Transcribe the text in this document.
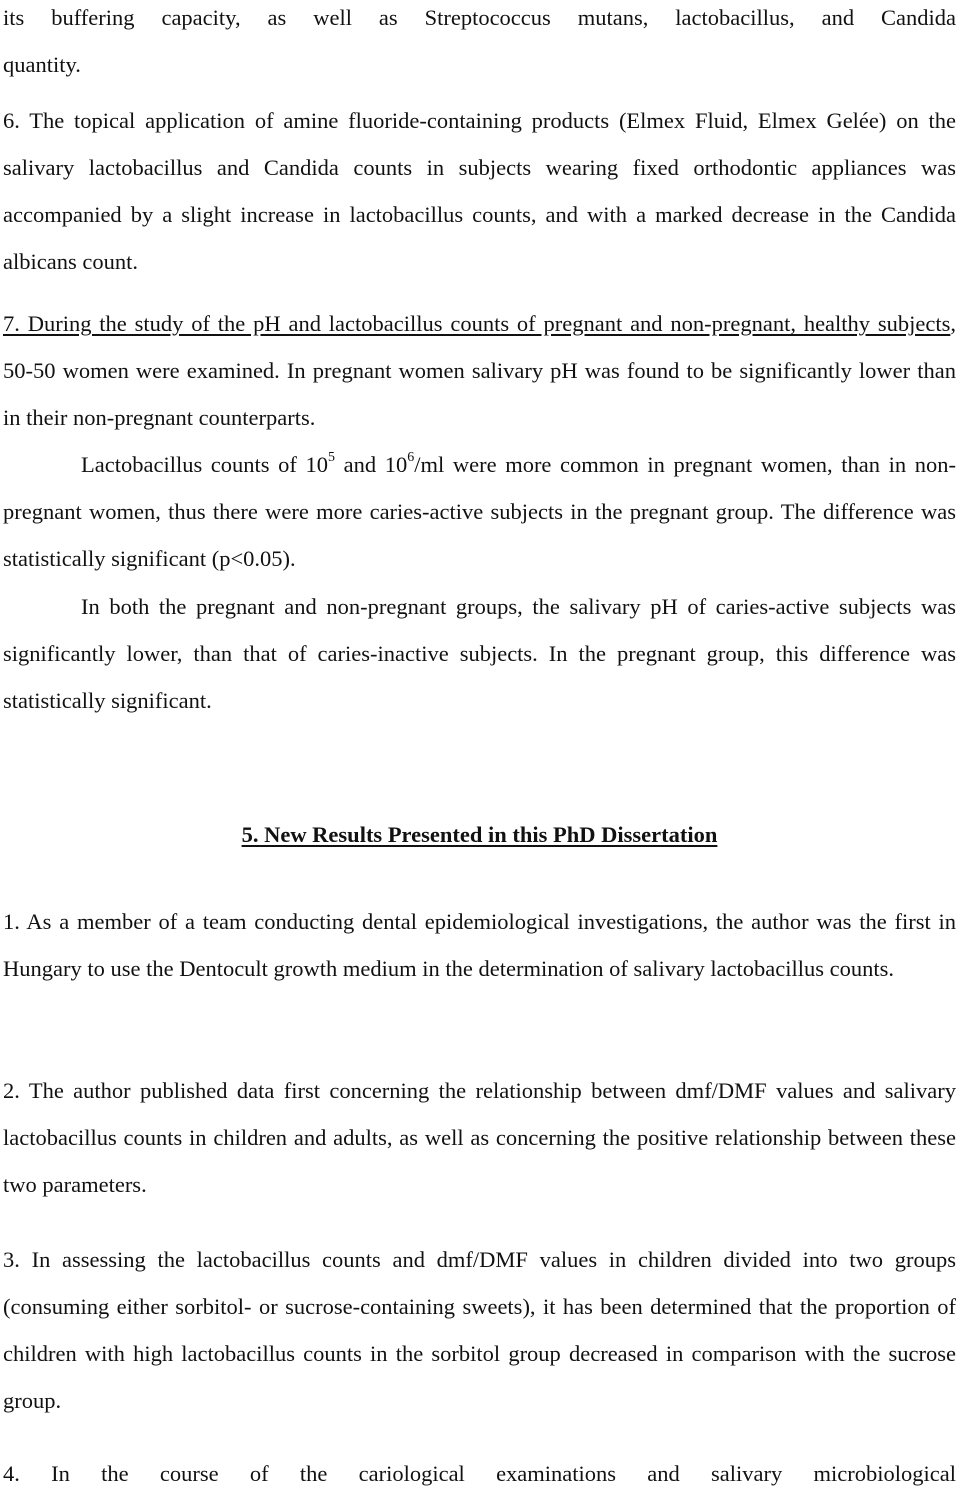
its buffering capacity, as well as Streptococcus mutans, lactobacillus, and Candida
quantity.

6. The topical application of amine fluoride-containing products (Elmex Fluid, Elmex Gelée) on the salivary lactobacillus and Candida counts in subjects wearing fixed orthodontic appliances was accompanied by a slight increase in lactobacillus counts, and with a marked decrease in the Candida albicans count.

7. During the study of the pH and lactobacillus counts of pregnant and non-pregnant, healthy subjects, 50-50 women were examined. In pregnant women salivary pH was found to be significantly lower than in their non-pregnant counterparts.

Lactobacillus counts of $10^5$ and $10^6/ml$ were more common in pregnant women, than in non-pregnant women, thus there were more caries-active subjects in the pregnant group. The difference was statistically significant (p<0.05).

In both the pregnant and non-pregnant groups, the salivary pH of caries-active subjects was significantly lower, than that of caries-inactive subjects. In the pregnant group, this difference was statistically significant.

5. New Results Presented in this PhD Dissertation

1. As a member of a team conducting dental epidemiological investigations, the author was the first in Hungary to use the Dentocult growth medium in the determination of salivary lactobacillus counts.

2. The author published data first concerning the relationship between dmf/DMF values and salivary lactobacillus counts in children and adults, as well as concerning the positive relationship between these two parameters.

3. In assessing the lactobacillus counts and dmf/DMF values in children divided into two groups (consuming either sorbitol- or sucrose-containing sweets), it has been determined that the proportion of children with high lactobacillus counts in the sorbitol group decreased in comparison with the sucrose group.

4. In the course of the cariological examinations and salivary microbiological
